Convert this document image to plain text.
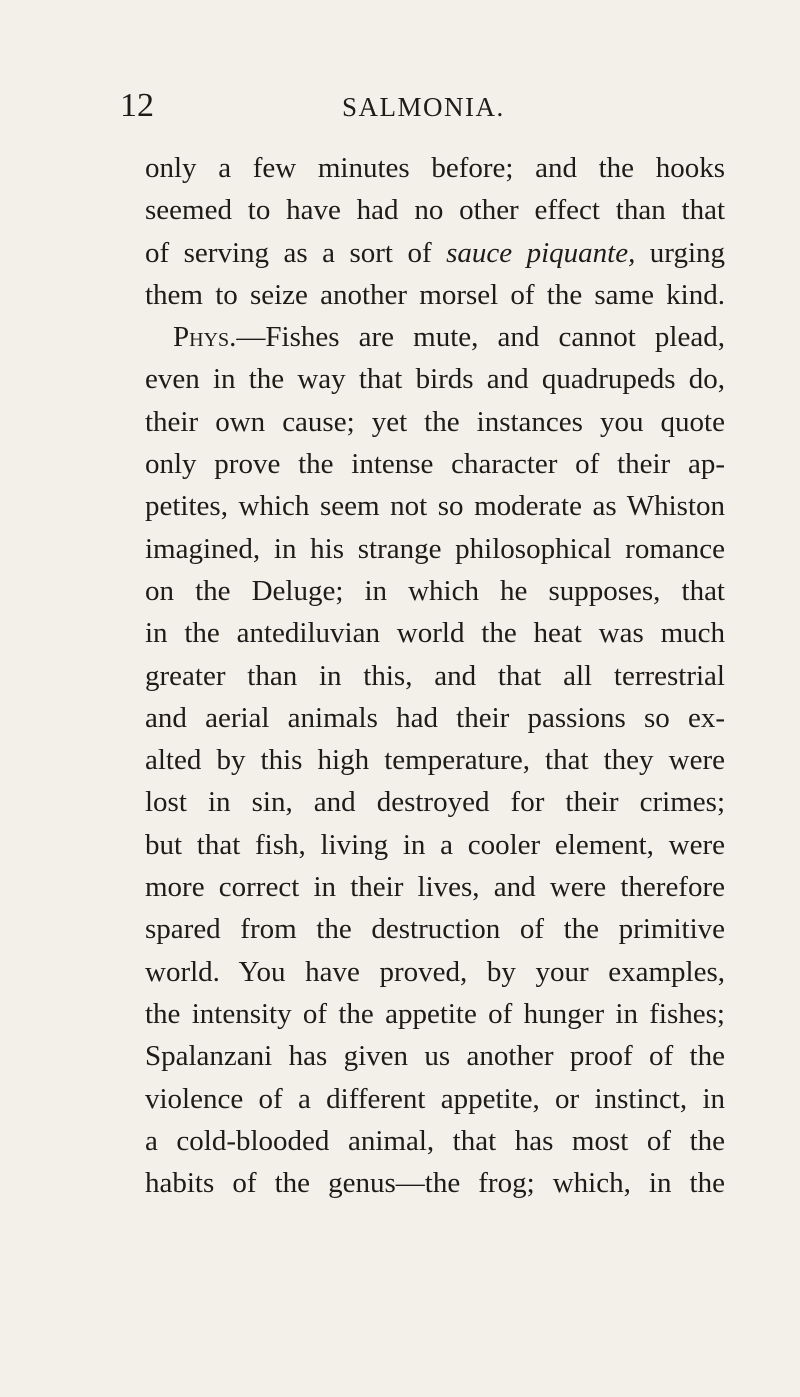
12	SALMONIA.
only a few minutes before; and the hooks
seemed to have had no other effect than that
of serving as a sort of sauce piquante, urging
them to seize another morsel of the same kind.
Phys.—Fishes are mute, and cannot plead,
even in the way that birds and quadrupeds do,
their own cause; yet the instances you quote
only prove the intense character of their ap-
petites, which seem not so moderate as Whiston
imagined, in his strange philosophical romance
on the Deluge; in which he supposes, that
in the antediluvian world the heat was much
greater than in this, and that all terrestrial
and aerial animals had their passions so ex-
alted by this high temperature, that they were
lost in sin, and destroyed for their crimes;
but that fish, living in a cooler element, were
more correct in their lives, and were therefore
spared from the destruction of the primitive
world. You have proved, by your examples,
the intensity of the appetite of hunger in fishes;
Spalanzani has given us another proof of the
violence of a different appetite, or instinct, in
a cold-blooded animal, that has most of the
habits of the genus—the frog; which, in the
